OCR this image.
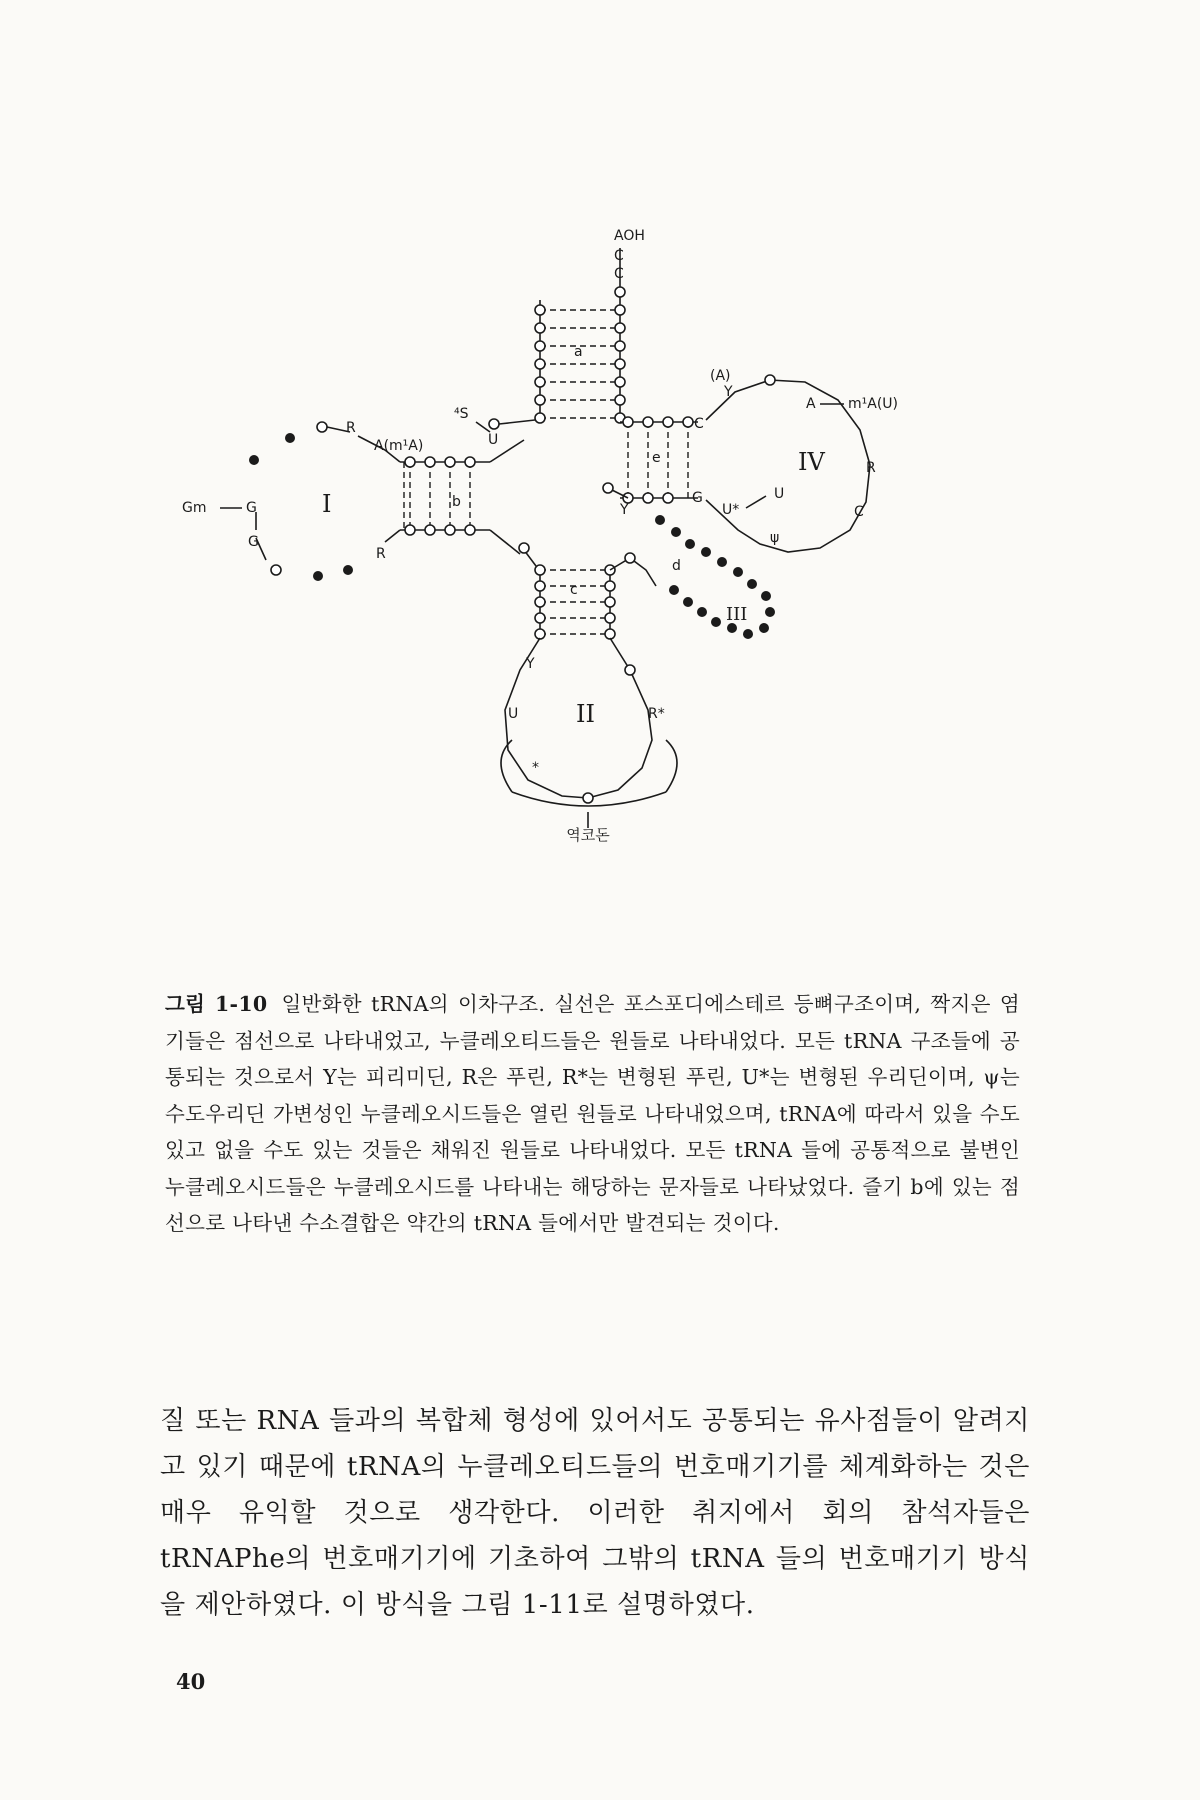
AOH
C
C
a
b
R
A(m¹A)
R
Gm	G
G
I
⁴S
U
c
Y
U	R*
*
II
역코돈
e
C
G
(A)
Y
A m¹A(U)
R
C
ψ
U*
U
IV
Y
d
III
그림 1-10 일반화한 tRNA의 이차구조. 실선은 포스포디에스테르 등뼈구조이며, 짝지은 염기들은 점선으로 나타내었고, 누클레오티드들은 원들로 나타내었다. 모든 tRNA 구조들에 공통되는 것으로서 Y는 피리미딘, R은 푸린, R*는 변형된 푸린, U*는 변형된 우리딘이며, ψ는 수도우리딘 가변성인 누클레오시드들은 열린 원들로 나타내었으며, tRNA에 따라서 있을 수도 있고 없을 수도 있는 것들은 채워진 원들로 나타내었다. 모든 tRNA 들에 공통적으로 불변인 누클레오시드들은 누클레오시드를 나타내는 해당하는 문자들로 나타났었다. 즐기 b에 있는 점선으로 나타낸 수소결합은 약간의 tRNA 들에서만 발견되는 것이다.
질 또는 RNA 들과의 복합체 형성에 있어서도 공통되는 유사점들이 알려지고 있기 때문에 tRNA의 누클레오티드들의 번호매기기를 체계화하는 것은 매우 유익할 것으로 생각한다. 이러한 취지에서 회의 참석자들은 tRNAPhe의 번호매기기에 기초하여 그밖의 tRNA 들의 번호매기기 방식을 제안하였다. 이 방식을 그림 1-11로 설명하였다.
40
